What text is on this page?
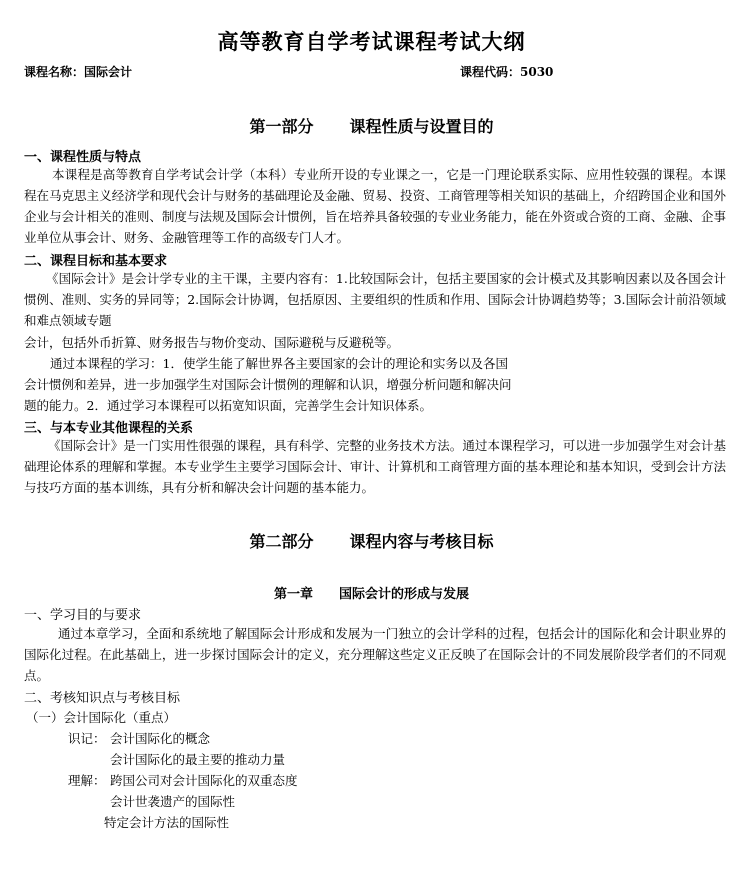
高等教育自学考试课程考试大纲
课程名称：国际会计	课程代码：5030
第一部分 课程性质与设置目的
一、课程性质与特点
本课程是高等教育自学考试会计学（本科）专业所开设的专业课之一，它是一门理论联系实际、应用性较强的课程。本课程在马克思主义经济学和现代会计与财务的基础理论及金融、贸易、投资、工商管理等相关知识的基础上，介绍跨国企业和国外企业与会计相关的准则、制度与法规及国际会计惯例，旨在培养具备较强的专业业务能力，能在外资或合资的工商、金融、企事业单位从事会计、财务、金融管理等工作的高级专门人才。
二、课程目标和基本要求
《国际会计》是会计学专业的主干课，主要内容有：1.比较国际会计，包括主要国家的会计模式及其影响因素以及各国会计惯例、准则、实务的异同等；2.国际会计协调，包括原因、主要组织的性质和作用、国际会计协调趋势等；3.国际会计前沿领域和难点领域专题
会计，包括外币折算、财务报告与物价变动、国际避税与反避税等。
通过本课程的学习：1．使学生能了解世界各主要国家的会计的理论和实务以及各国
会计惯例和差异，进一步加强学生对国际会计惯例的理解和认识，增强分析问题和解决问
题的能力。2．通过学习本课程可以拓宽知识面，完善学生会计知识体系。
三、与本专业其他课程的关系
《国际会计》是一门实用性很强的课程，具有科学、完整的业务技术方法。通过本课程学习，可以进一步加强学生对会计基础理论体系的理解和掌握。本专业学生主要学习国际会计、审计、计算机和工商管理方面的基本理论和基本知识，受到会计方法与技巧方面的基本训练，具有分析和解决会计问题的基本能力。
第二部分 课程内容与考核目标
第一章 国际会计的形成与发展
一、学习目的与要求
通过本章学习，全面和系统地了解国际会计形成和发展为一门独立的会计学科的过程，包括会计的国际化和会计职业界的国际化过程。在此基础上，进一步探讨国际会计的定义，充分理解这些定义正反映了在国际会计的不同发展阶段学者们的不同观点。
二、考核知识点与考核目标
（一）会计国际化（重点）
识记： 会计国际化的概念
会计国际化的最主要的推动力量
理解： 跨国公司对会计国际化的双重态度
会计世袭遗产的国际性
特定会计方法的国际性
